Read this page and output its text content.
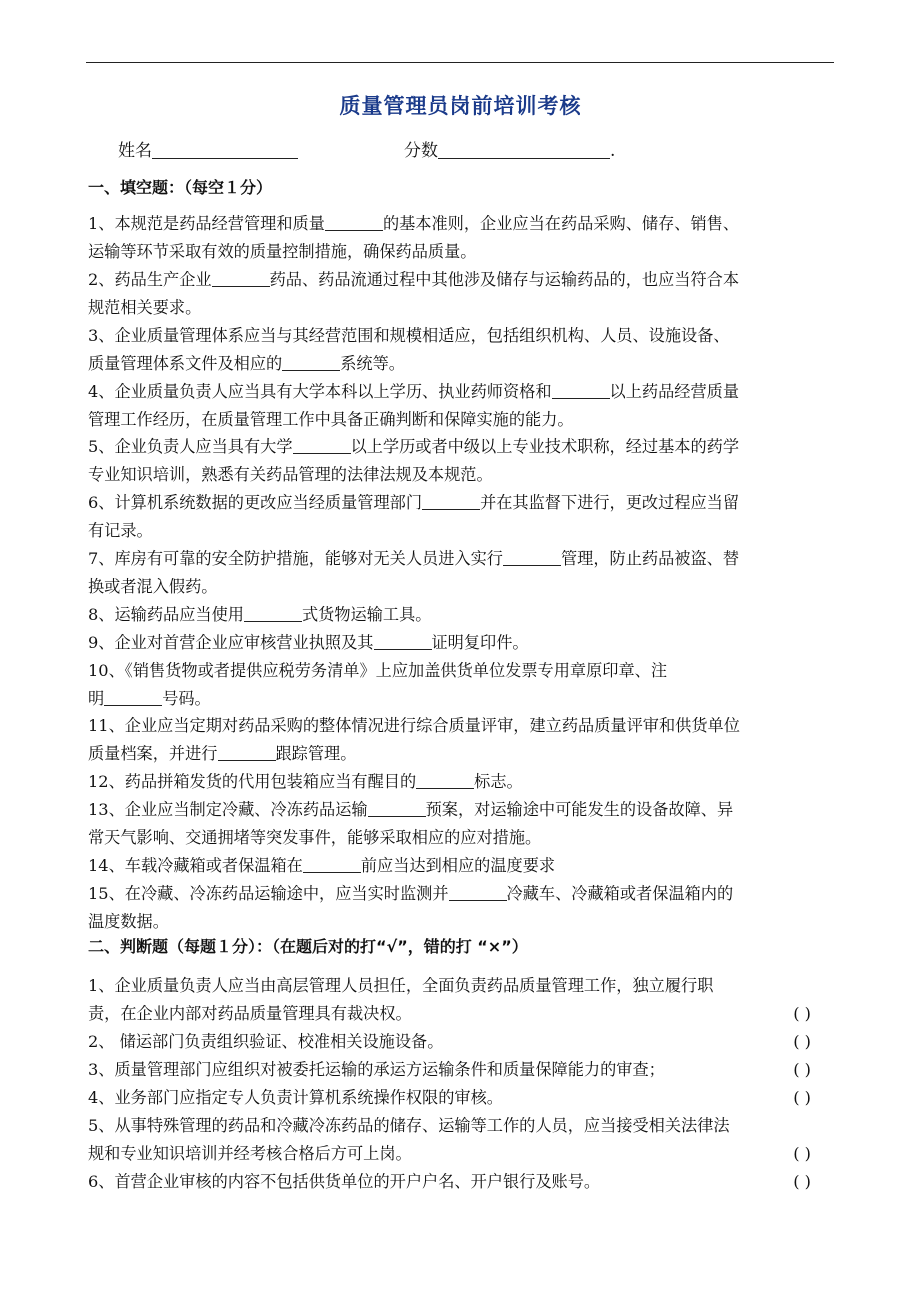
质量管理员岗前培训考核
姓名	分数	.
一、填空题：（每空１分）
1、本规范是药品经营管理和质量	的基本准则，企业应当在药品采购、储存、销售、
运输等环节采取有效的质量控制措施，确保药品质量。
2、药品生产企业	药品、药品流通过程中其他涉及储存与运输药品的，也应当符合本
规范相关要求。
3、企业质量管理体系应当与其经营范围和规模相适应，包括组织机构、人员、设施设备、
质量管理体系文件及相应的	系统等。
4、企业质量负责人应当具有大学本科以上学历、执业药师资格和	以上药品经营质量
管理工作经历，在质量管理工作中具备正确判断和保障实施的能力。
5、企业负责人应当具有大学	以上学历或者中级以上专业技术职称，经过基本的药学
专业知识培训，熟悉有关药品管理的法律法规及本规范。
6、计算机系统数据的更改应当经质量管理部门	并在其监督下进行，更改过程应当留
有记录。
7、库房有可靠的安全防护措施，能够对无关人员进入实行	管理，防止药品被盗、替
换或者混入假药。
8、运输药品应当使用	式货物运输工具。
9、企业对首营企业应审核营业执照及其	证明复印件。
10、《销售货物或者提供应税劳务清单》上应加盖供货单位发票专用章原印章、注
明	号码。
11、企业应当定期对药品采购的整体情况进行综合质量评审，建立药品质量评审和供货单位
质量档案，并进行	跟踪管理。
12、药品拼箱发货的代用包装箱应当有醒目的	标志。
13、企业应当制定冷藏、冷冻药品运输	预案，对运输途中可能发生的设备故障、异
常天气影响、交通拥堵等突发事件，能够采取相应的应对措施。
14、车载冷藏箱或者保温箱在	前应当达到相应的温度要求
15、在冷藏、冷冻药品运输途中，应当实时监测并	冷藏车、冷藏箱或者保温箱内的
温度数据。
二、判断题（每题１分）：（在题后对的打“√”，错的打 “×”）
1、企业质量负责人应当由高层管理人员担任，全面负责药品质量管理工作，独立履行职
责，在企业内部对药品质量管理具有裁决权。	( )
2、 储运部门负责组织验证、校准相关设施设备。	( )
3、质量管理部门应组织对被委托运输的承运方运输条件和质量保障能力的审查；	( )
4、业务部门应指定专人负责计算机系统操作权限的审核。	( )
5、从事特殊管理的药品和冷藏冷冻药品的储存、运输等工作的人员，应当接受相关法律法
规和专业知识培训并经考核合格后方可上岗。	( )
6、首营企业审核的内容不包括供货单位的开户户名、开户银行及账号。	( )
